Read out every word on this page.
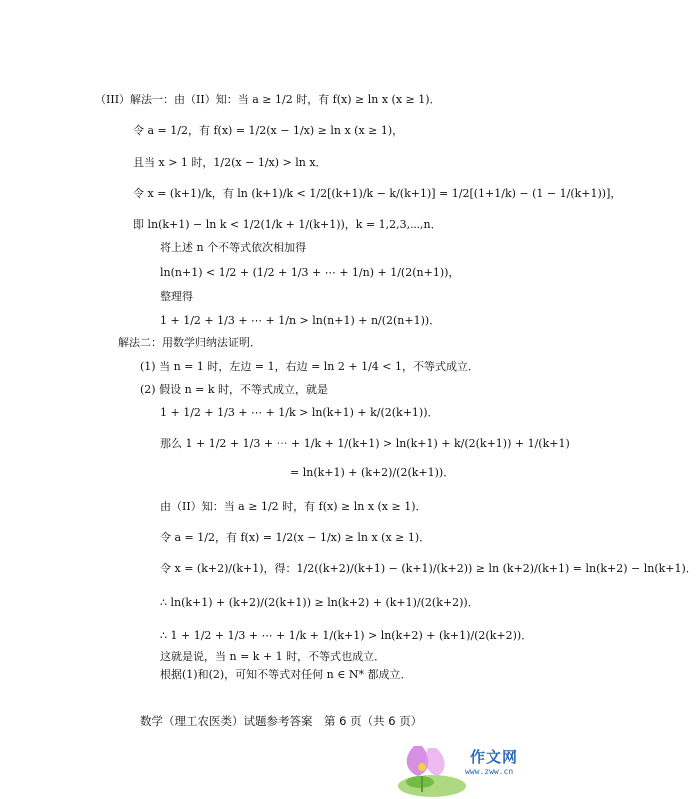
（III）解法一：由（II）知：当 a ≥ 1/2 时，有 f(x) ≥ ln x (x ≥ 1)．
令 a = 1/2，有 f(x) = 1/2(x − 1/x) ≥ ln x (x ≥ 1)，
且当 x > 1 时，1/2(x − 1/x) > ln x．
令 x = (k+1)/k，有 ln (k+1)/k < 1/2[(k+1)/k − k/(k+1)] = 1/2[(1+1/k) − (1 − 1/(k+1))]，
即 ln(k+1) − ln k < 1/2(1/k + 1/(k+1))，k = 1,2,3,⋯,n．
将上述 n 个不等式依次相加得
ln(n+1) < 1/2 + (1/2 + 1/3 + ⋯ + 1/n) + 1/(2(n+1))，
整理得
1 + 1/2 + 1/3 + ⋯ + 1/n > ln(n+1) + n/(2(n+1))．
解法二：用数学归纳法证明．
(1) 当 n = 1 时，左边 = 1，右边 = ln 2 + 1/4 < 1，不等式成立．
(2) 假设 n = k 时，不等式成立，就是
1 + 1/2 + 1/3 + ⋯ + 1/k > ln(k+1) + k/(2(k+1))．
那么 1 + 1/2 + 1/3 + ⋯ + 1/k + 1/(k+1) > ln(k+1) + k/(2(k+1)) + 1/(k+1)
= ln(k+1) + (k+2)/(2(k+1))．
由（II）知：当 a ≥ 1/2 时，有 f(x) ≥ ln x (x ≥ 1)．
令 a = 1/2，有 f(x) = 1/2(x − 1/x) ≥ ln x (x ≥ 1)．
令 x = (k+2)/(k+1)，得：1/2((k+2)/(k+1) − (k+1)/(k+2)) ≥ ln (k+2)/(k+1) = ln(k+2) − ln(k+1)．
∴ ln(k+1) + (k+2)/(2(k+1)) ≥ ln(k+2) + (k+1)/(2(k+2))．
∴ 1 + 1/2 + 1/3 + ⋯ + 1/k + 1/(k+1) > ln(k+2) + (k+1)/(2(k+2))．
这就是说，当 n = k + 1 时，不等式也成立．
根据(1)和(2)，可知不等式对任何 n ∈ N* 都成立．
数学（理工农医类）试题参考答案　第 6 页（共 6 页）
作文网
www.zww.cn
